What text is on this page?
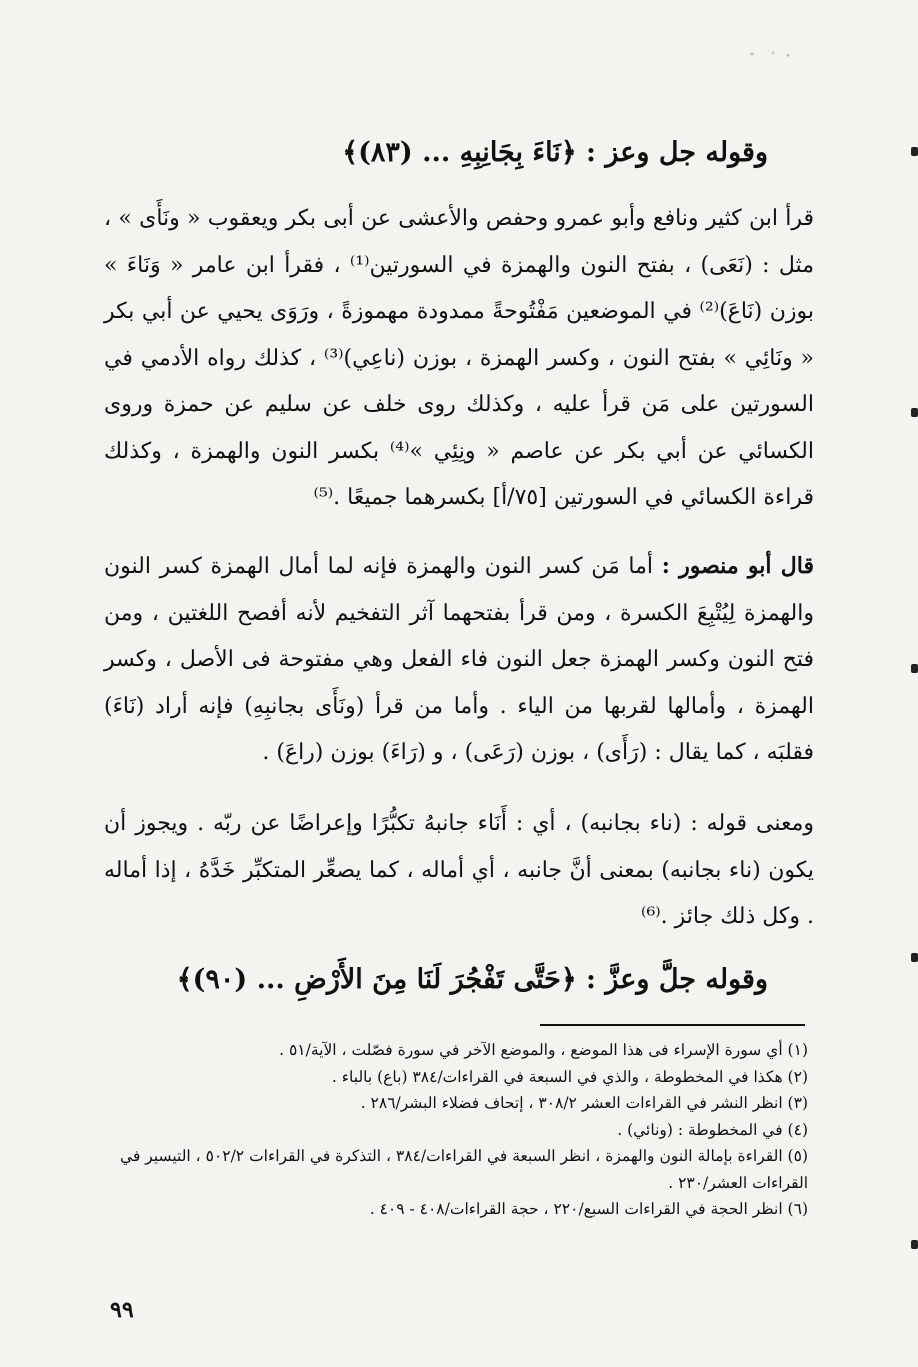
وقوله جل وعز : ﴿نَاءَ بِجَانِبِهِ ... (٨٣)﴾
قرأ ابن كثير ونافع وأبو عمرو وحفص والأعشى عن أبى بكر ويعقوب « ونَأَى » ، مثل : (نَعَى) ، بفتح النون والهمزة في السورتين⁽¹⁾ ، فقرأ ابن عامر « وَنَاءَ » بوزن (نَاعَ)⁽²⁾ في الموضعين مَفْتُوحةً ممدودة مهموزةً ، ورَوَى يحيي عن أبي بكر « ونَائِي » بفتح النون ، وكسر الهمزة ، بوزن (ناعِي)⁽³⁾ ، كذلك رواه الأدمي في السورتين على مَن قرأ عليه ، وكذلك روى خلف عن سليم عن حمزة وروى الكسائي عن أبي بكر عن عاصم « ونِئِي »⁽⁴⁾ بكسر النون والهمزة ، وكذلك قراءة الكسائي في السورتين [٧٥/أ] بكسرهما جميعًا .⁽⁵⁾
قال أبو منصور : أما مَن كسر النون والهمزة فإنه لما أمال الهمزة كسر النون والهمزة لِيُتْبِعَ الكسرة ، ومن قرأ بفتحهما آثر التفخيم لأنه أفصح اللغتين ، ومن فتح النون وكسر الهمزة جعل النون فاء الفعل وهي مفتوحة فى الأصل ، وكسر الهمزة ، وأمالها لقربها من الياء . وأما من قرأ (ونَأَى بجانبِهِ) فإنه أراد (نَاءَ) فقلبَه ، كما يقال : (رَأَى) ، بوزن (رَعَى) ، و (رَاءَ) بوزن (راعَ) .
ومعنى قوله : (ناء بجانبه) ، أي : أَنَاء جانبهُ تكبُّرًا وإعراضًا عن ربّه . ويجوز أن يكون (ناء بجانبه) بمعنى أنَّ جانبه ، أي أماله ، كما يصعِّر المتكبِّر خَدَّهُ ، إذا أماله . وكل ذلك جائز .⁽⁶⁾
وقوله جلَّ وعزَّ : ﴿حَتَّى تَفْجُرَ لَنَا مِنَ الأَرْضِ ... (٩٠)﴾
(١) أي سورة الإسراء فى هذا الموضع ، والموضع الآخر في سورة فصّلت ، الآية/٥١ .
(٢) هكذا في المخطوطة ، والذي في السبعة في القراءات/٣٨٤ (باع) بالباء .
(٣) انظر النشر في القراءات العشر ٣٠٨/٢ ، إتحاف فضلاء البشر/٢٨٦ .
(٤) في المخطوطة : (ونائي) .
(٥) القراءة بإمالة النون والهمزة ، انظر السبعة في القراءات/٣٨٤ ، التذكرة في القراءات ٥٠٢/٢ ، التيسير في القراءات العشر/٢٣٠ .
(٦) انظر الحجة في القراءات السبع/٢٢٠ ، حجة القراءات/٤٠٨ - ٤٠٩ .
٩٩
